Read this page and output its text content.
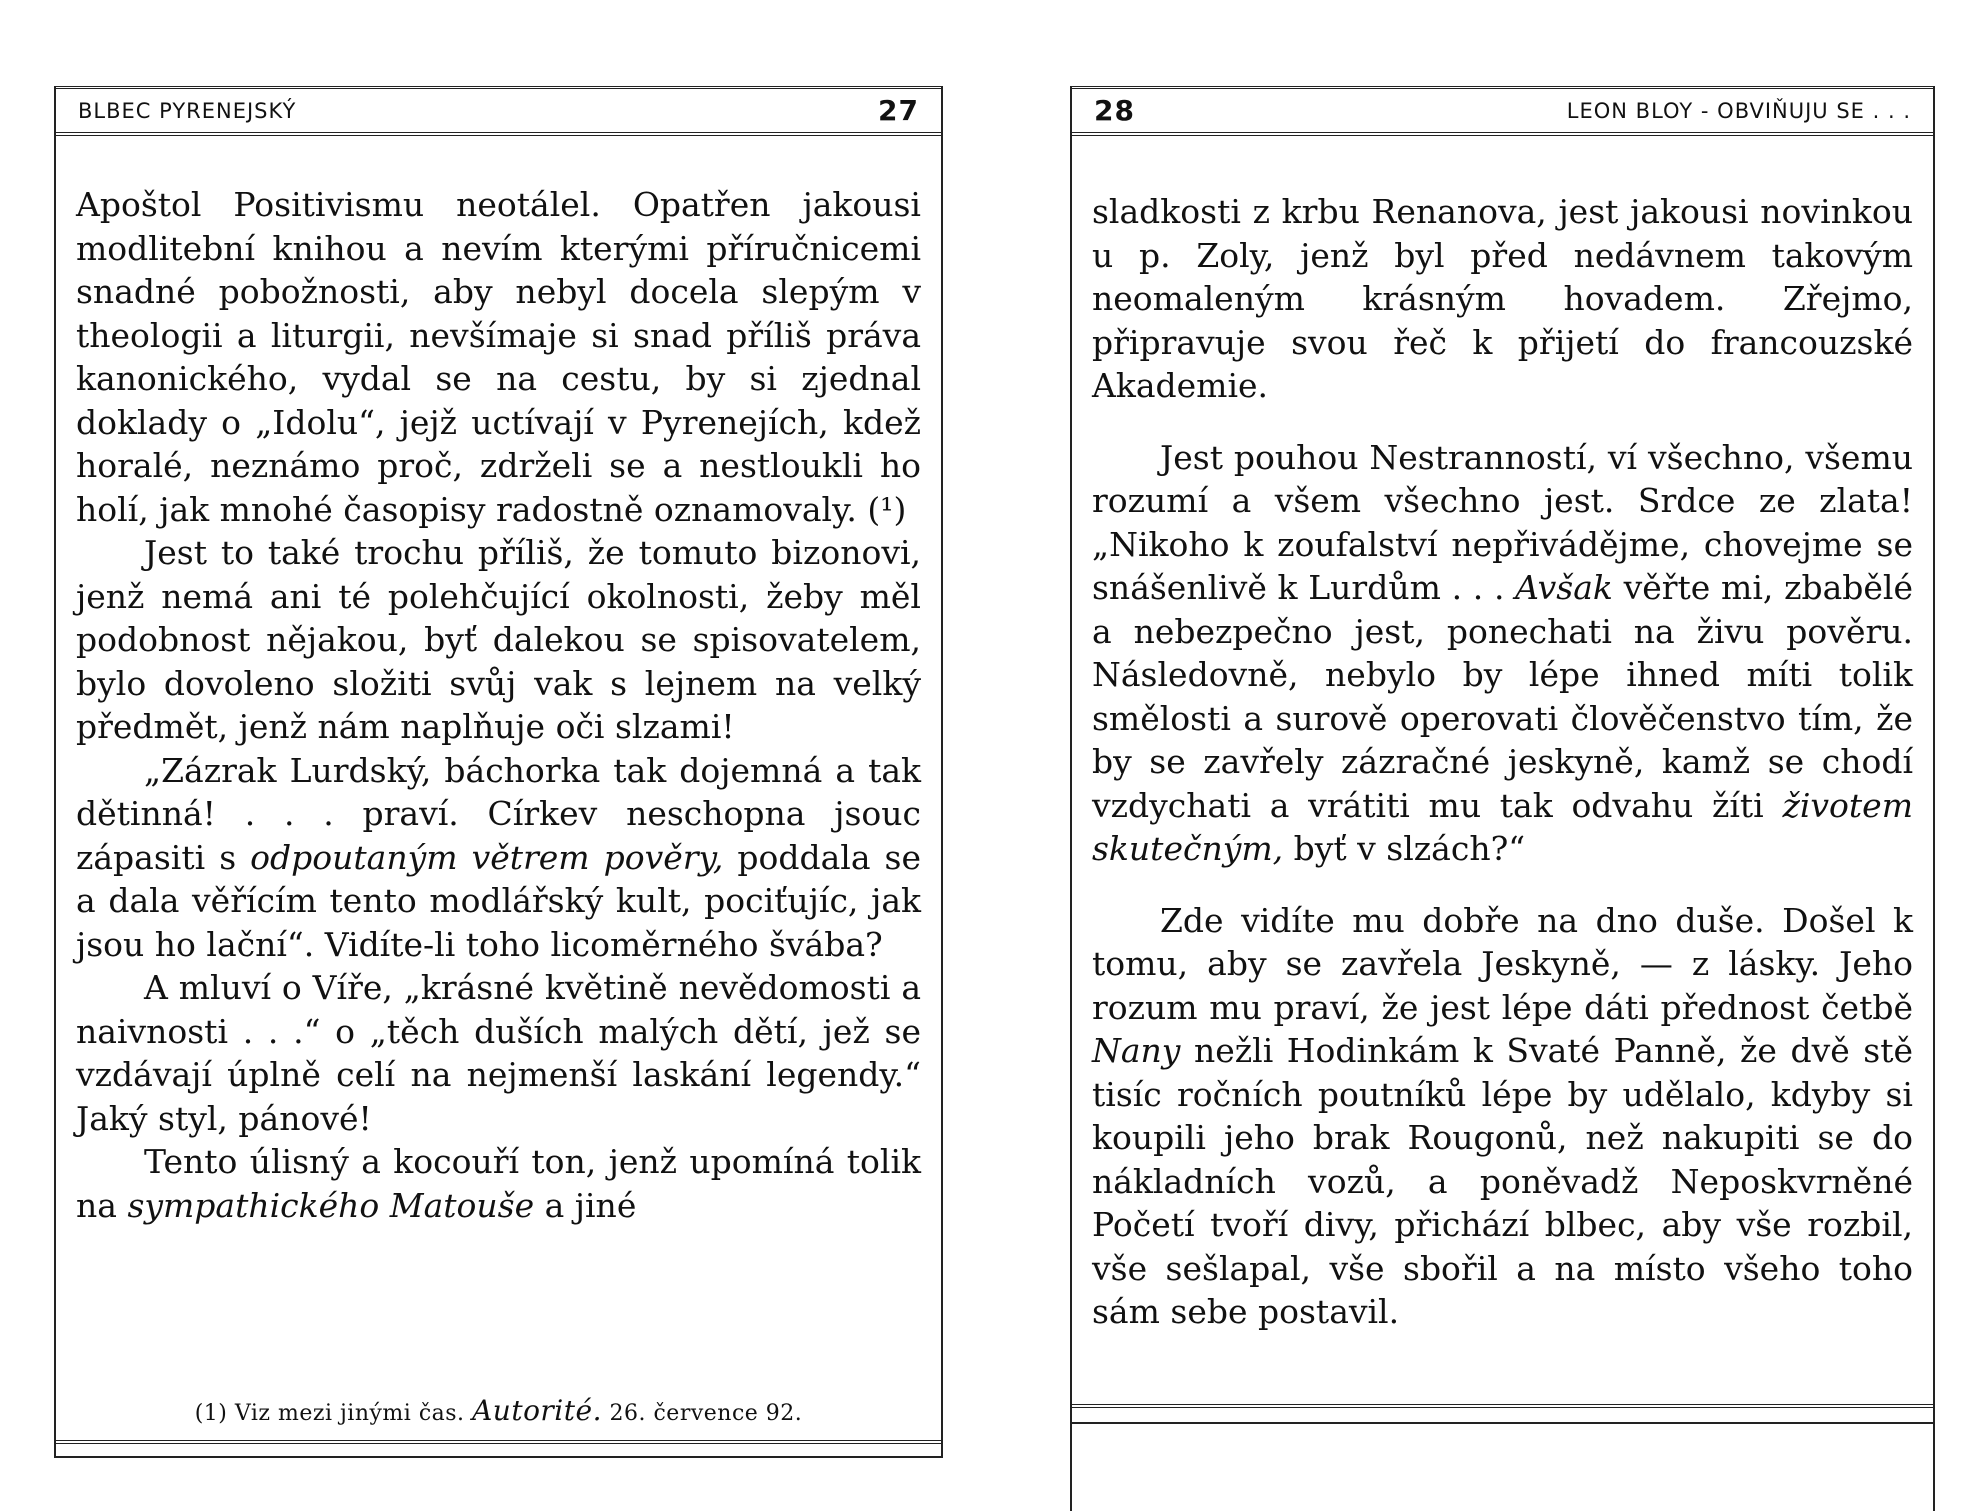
BLBEC PYRENEJSKÝ	27

Apoštol Positivismu neotálel. Opatřen jakousi modlitební knihou a nevím kterými příručnicemi snadné pobožnosti, aby nebyl docela slepým v theologii a liturgii, nevšímaje si snad příliš práva kanonického, vydal se na cestu, by si zjednal doklady o „Idolu“, jejž uctívají v Pyrenejích, kdež horalé, neznámo proč, zdrželi se a nestloukli ho holí, jak mnohé časopisy radostně oznamovaly. (¹)

Jest to také trochu příliš, že tomuto bizonovi, jenž nemá ani té polehčující okolnosti, žeby měl podobnost nějakou, byť dalekou se spisovatelem, bylo dovoleno složiti svůj vak s lejnem na velký předmět, jenž nám naplňuje oči slzami!

„Zázrak Lurdský, báchorka tak dojemná a tak dětinná! . . . praví. Církev neschopna jsouc zápasiti s odpoutaným větrem pověry, poddala se a dala věřícím tento modlářský kult, pociťujíc, jak jsou ho lační“. Vidíte-li toho licoměrného švába?

A mluví o Víře, „krásné květině nevědomosti a naivnosti . . .“ o „těch duších malých dětí, jež se vzdávají úplně celí na nejmenší laskání legendy.“ Jaký styl, pánové!

Tento úlisný a kocouří ton, jenž upomíná tolik na sympathického Matouše a jiné

(1) Viz mezi jinými čas. Autorité. 26. července 92.
28	LEON BLOY - OBVIŇUJU SE . . .

sladkosti z krbu Renanova, jest jakousi novinkou u p. Zoly, jenž byl před nedávnem takovým neomaleným krásným hovadem. Zřejmo, připravuje svou řeč k přijetí do francouzské Akademie.

Jest pouhou Nestranností, ví všechno, všemu rozumí a všem všechno jest. Srdce ze zlata! „Nikoho k zoufalství nepřivádějme, chovejme se snášenlivě k Lurdům . . . Avšak věřte mi, zbabělé a nebezpečno jest, ponechati na živu pověru. Následovně, nebylo by lépe ihned míti tolik smělosti a surově operovati člověčenstvo tím, že by se zavřely zázračné jeskyně, kamž se chodí vzdychati a vrátiti mu tak odvahu žíti životem skutečným, byť v slzách?“

Zde vidíte mu dobře na dno duše. Došel k tomu, aby se zavřela Jeskyně, — z lásky. Jeho rozum mu praví, že jest lépe dáti přednost četbě Nany nežli Hodinkám k Svaté Panně, že dvě stě tisíc ročních poutníků lépe by udělalo, kdyby si koupili jeho brak Rougonů, než nakupiti se do nákladních vozů, a poněvadž Neposkvrněné Početí tvoří divy, přichází blbec, aby vše rozbil, vše sešlapal, vše sbořil a na místo všeho toho sám sebe postavil.
